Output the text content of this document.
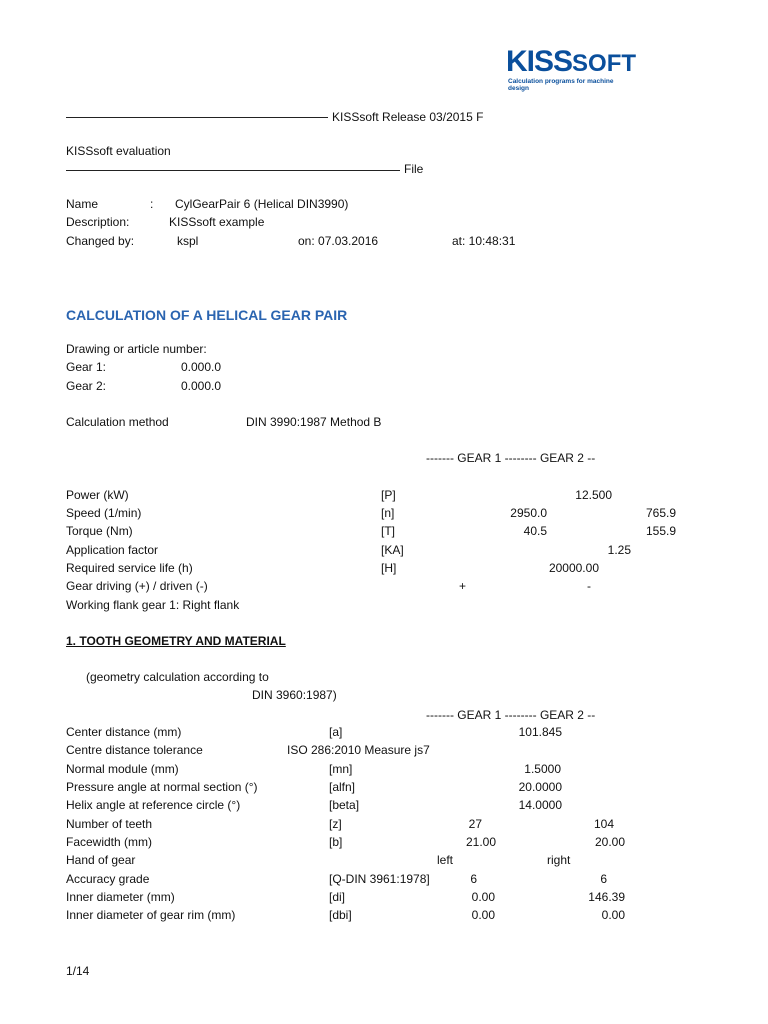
KISSSOFT
Calculation programs for machine design
KISSsoft Release 03/2015 F
KISSsoft evaluation
File
Name	: CylGearPair 6 (Helical DIN3990)
Description:	KISSsoft example
Changed by:	kspl	on: 07.03.2016	at: 10:48:31
CALCULATION OF A HELICAL GEAR PAIR
Drawing or article number:
Gear 1:	0.000.0
Gear 2:	0.000.0
Calculation method	DIN 3990:1987 Method B
------- GEAR 1 -------- GEAR 2 --
Power (kW)	[P]	12.500
Speed (1/min)	[n]	2950.0	765.9
Torque (Nm)	[T]	40.5	155.9
Application factor	[KA]	1.25
Required service life (h)	[H]	20000.00
Gear driving (+) / driven (-)	+	-
Working flank gear 1: Right flank
1. TOOTH GEOMETRY AND MATERIAL
(geometry calculation according to
DIN 3960:1987)
------- GEAR 1 -------- GEAR 2 --
Center distance (mm)	[a]	101.845
Centre distance tolerance	ISO 286:2010 Measure js7
Normal module (mm)	[mn]	1.5000
Pressure angle at normal section (°)	[alfn]	20.0000
Helix angle at reference circle (°)	[beta]	14.0000
Number of teeth	[z]	27	104
Facewidth (mm)	[b]	21.00	20.00
Hand of gear	left	right
Accuracy grade	[Q-DIN 3961:1978]	6	6
Inner diameter (mm)	[di]	0.00	146.39
Inner diameter of gear rim (mm)	[dbi]	0.00	0.00
1/14
